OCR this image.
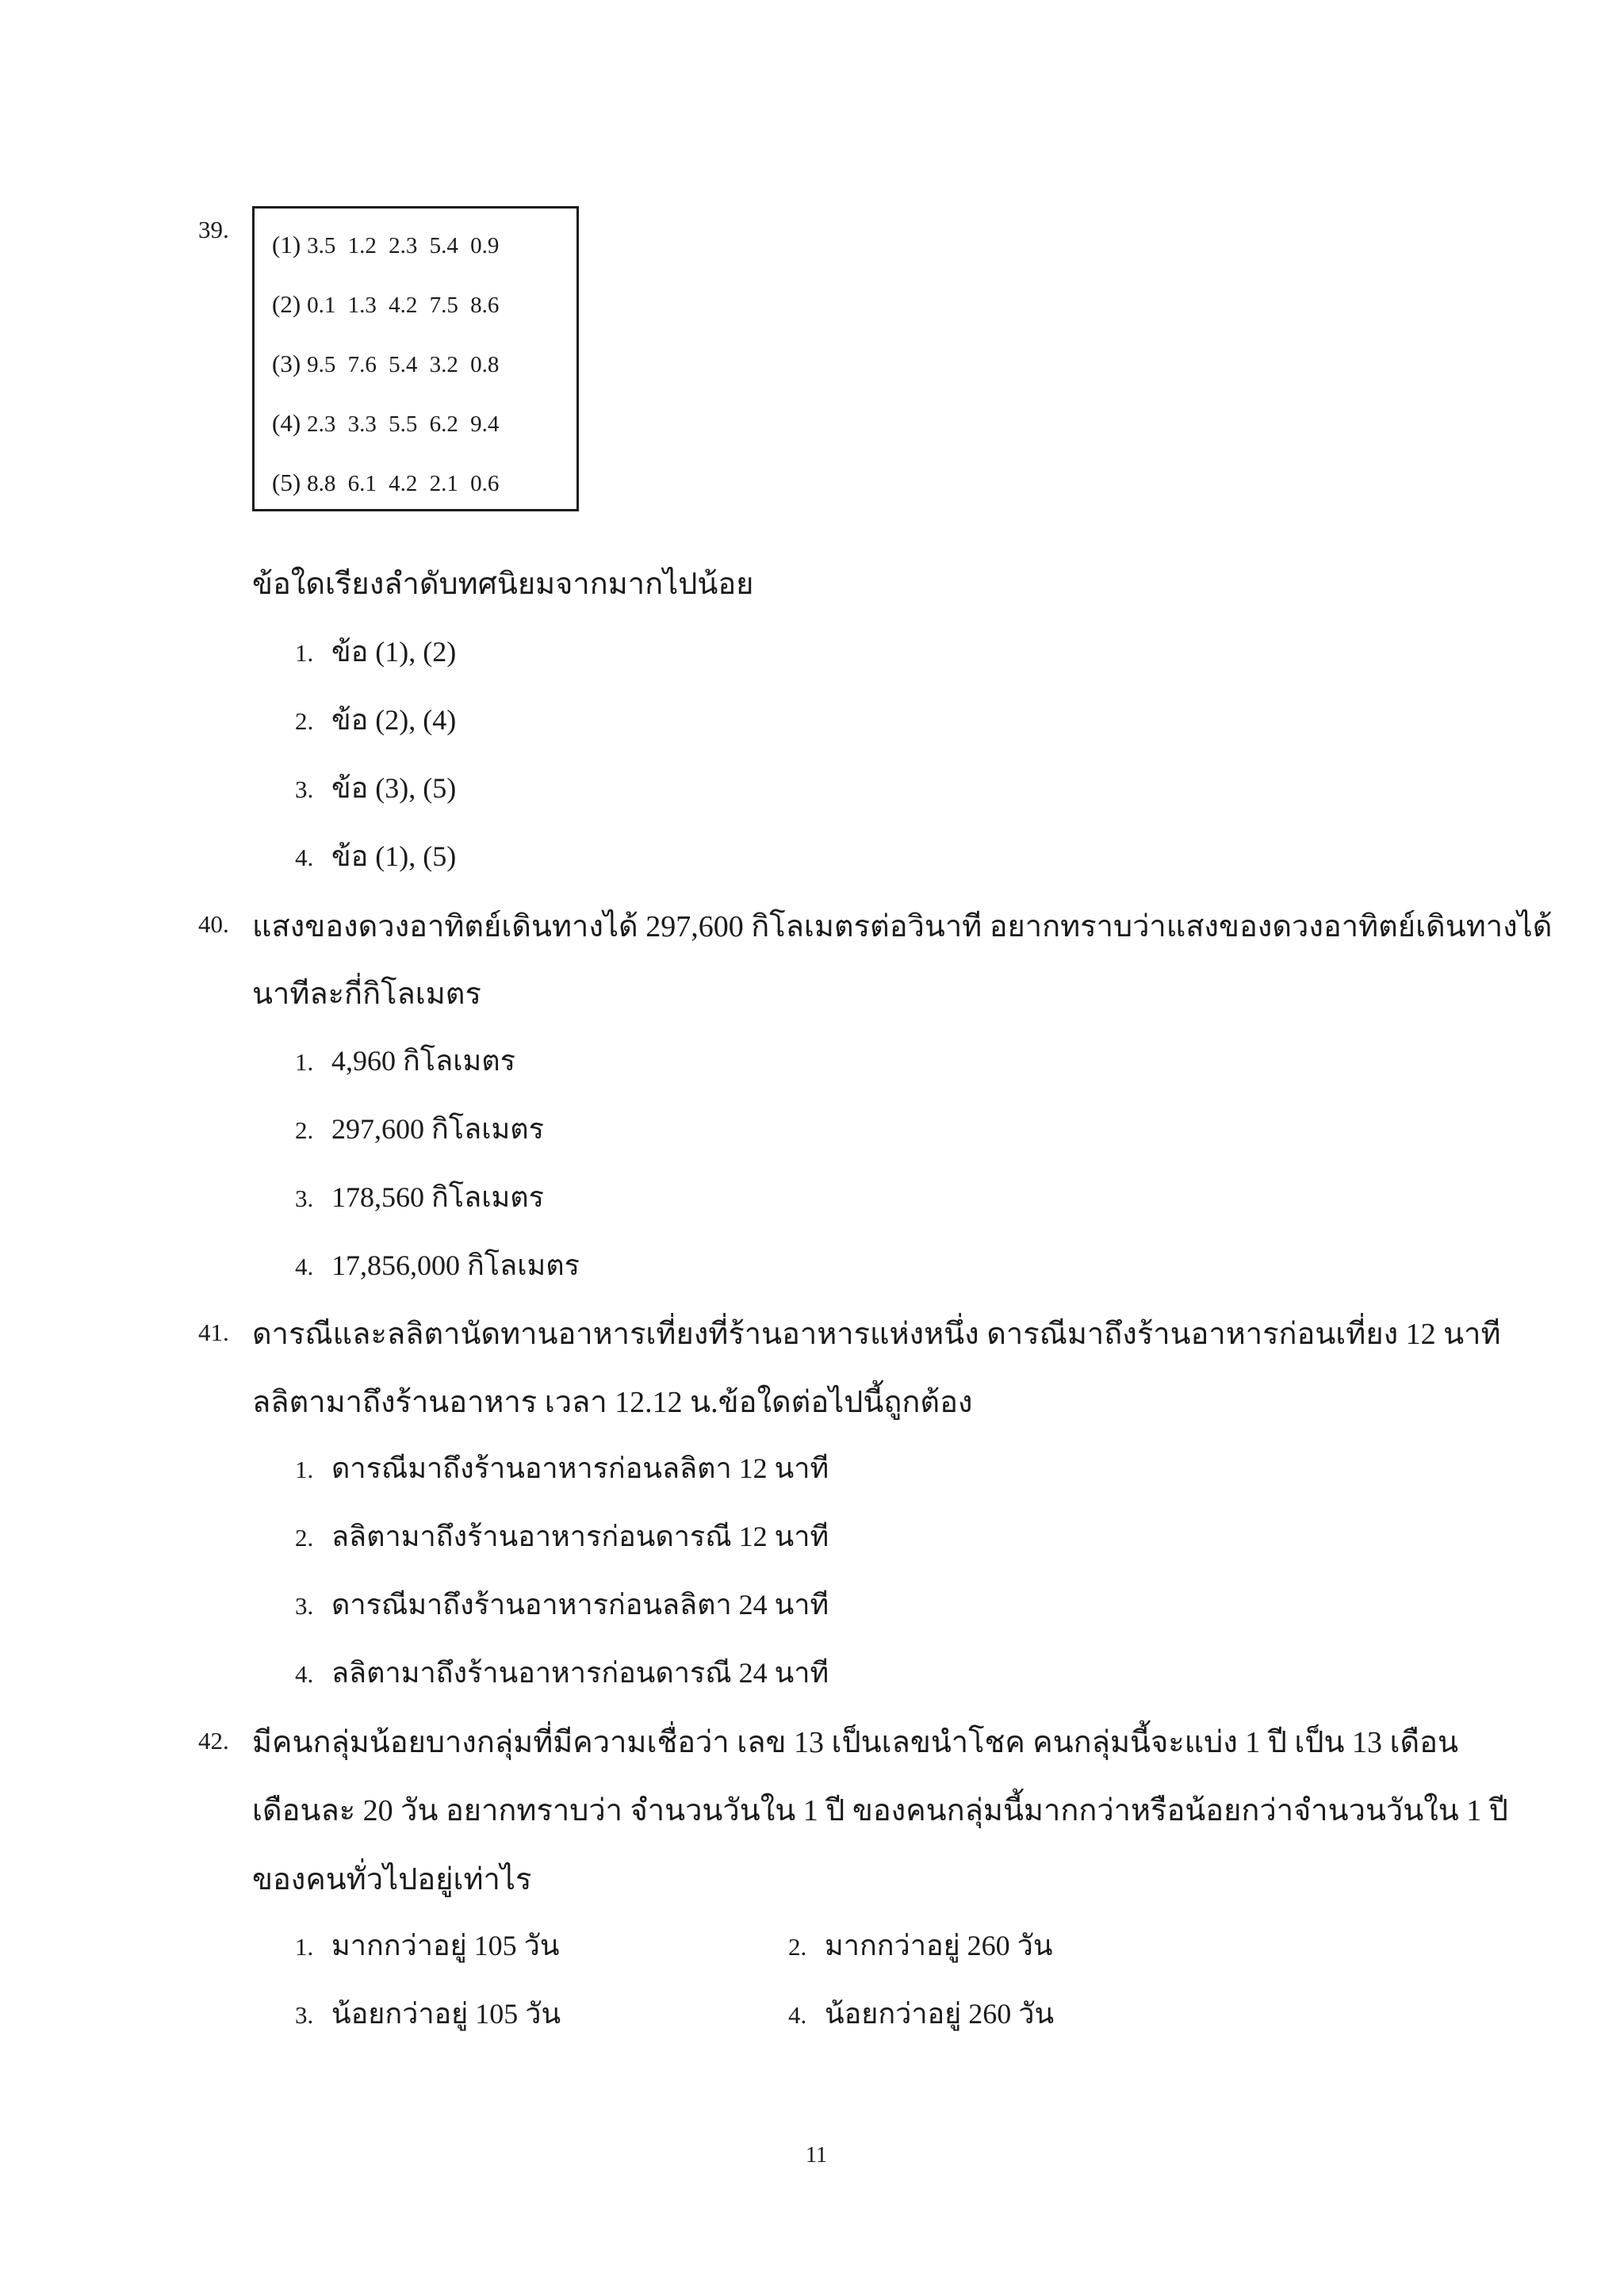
39.
(1) 3.5 1.2 2.3 5.4 0.9
(2) 0.1 1.3 4.2 7.5 8.6
(3) 9.5 7.6 5.4 3.2 0.8
(4) 2.3 3.3 5.5 6.2 9.4
(5) 8.8 6.1 4.2 2.1 0.6
ข้อใดเรียงลำดับทศนิยมจากมากไปน้อย
1. ข้อ (1), (2)
2. ข้อ (2), (4)
3. ข้อ (3), (5)
4. ข้อ (1), (5)
40. แสงของดวงอาทิตย์เดินทางได้ 297,600 กิโลเมตรต่อวินาที อยากทราบว่าแสงของดวงอาทิตย์เดินทางได้
นาทีละกี่กิโลเมตร
1. 4,960 กิโลเมตร
2. 297,600 กิโลเมตร
3. 178,560 กิโลเมตร
4. 17,856,000 กิโลเมตร
41. ดารณีและลลิตานัดทานอาหารเที่ยงที่ร้านอาหารแห่งหนึ่ง ดารณีมาถึงร้านอาหารก่อนเที่ยง 12 นาที
ลลิตามาถึงร้านอาหาร เวลา 12.12 น.ข้อใดต่อไปนี้ถูกต้อง
1. ดารณีมาถึงร้านอาหารก่อนลลิตา 12 นาที
2. ลลิตามาถึงร้านอาหารก่อนดารณี 12 นาที
3. ดารณีมาถึงร้านอาหารก่อนลลิตา 24 นาที
4. ลลิตามาถึงร้านอาหารก่อนดารณี 24 นาที
42. มีคนกลุ่มน้อยบางกลุ่มที่มีความเชื่อว่า เลข 13 เป็นเลขนำโชค คนกลุ่มนี้จะแบ่ง 1 ปี เป็น 13 เดือน
เดือนละ 20 วัน อยากทราบว่า จำนวนวันใน 1 ปี ของคนกลุ่มนี้มากกว่าหรือน้อยกว่าจำนวนวันใน 1 ปี
ของคนทั่วไปอยู่เท่าไร
1. มากกว่าอยู่ 105 วัน	2. มากกว่าอยู่ 260 วัน
3. น้อยกว่าอยู่ 105 วัน	4. น้อยกว่าอยู่ 260 วัน
11
